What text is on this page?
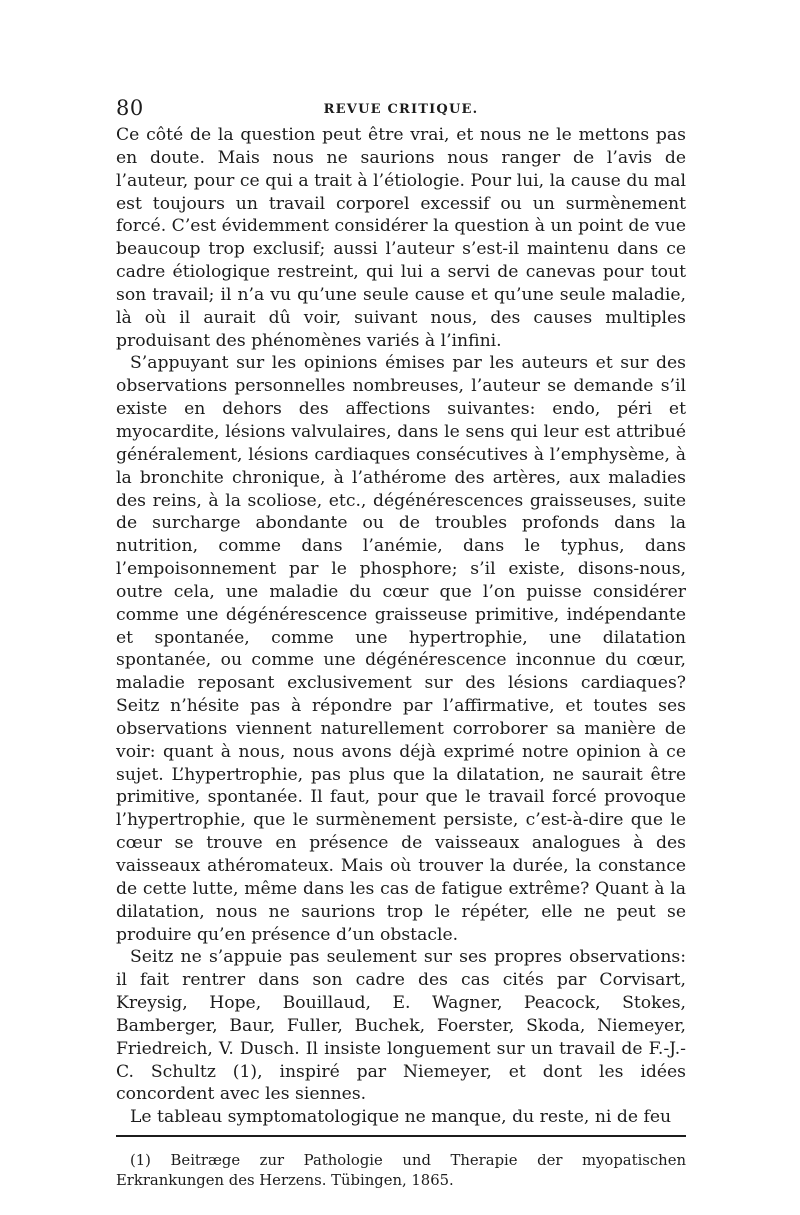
80	REVUE CRITIQUE.

Ce côté de la question peut être vrai, et nous ne le mettons pas en doute. Mais nous ne saurions nous ranger de l’avis de l’auteur, pour ce qui a trait à l’étiologie. Pour lui, la cause du mal est toujours un travail corporel excessif ou un surmènement forcé. C’est évidemment considérer la question à un point de vue beaucoup trop exclusif; aussi l’auteur s’est-il maintenu dans ce cadre étiologique restreint, qui lui a servi de canevas pour tout son travail; il n’a vu qu’une seule cause et qu’une seule maladie, là où il aurait dû voir, suivant nous, des causes multiples produisant des phénomènes variés à l’infini.

S’appuyant sur les opinions émises par les auteurs et sur des observations personnelles nombreuses, l’auteur se demande s’il existe en dehors des affections suivantes: endo, péri et myocardite, lésions valvulaires, dans le sens qui leur est attribué généralement, lésions cardiaques consécutives à l’emphysème, à la bronchite chronique, à l’athérome des artères, aux maladies des reins, à la scoliose, etc., dégénérescences graisseuses, suite de surcharge abondante ou de troubles profonds dans la nutrition, comme dans l’anémie, dans le typhus, dans l’empoisonnement par le phosphore; s’il existe, disons-nous, outre cela, une maladie du cœur que l’on puisse considérer comme une dégénérescence graisseuse primitive, indépendante et spontanée, comme une hypertrophie, une dilatation spontanée, ou comme une dégénérescence inconnue du cœur, maladie reposant exclusivement sur des lésions cardiaques? Seitz n’hésite pas à répondre par l’affirmative, et toutes ses observations viennent naturellement corroborer sa manière de voir: quant à nous, nous avons déjà exprimé notre opinion à ce sujet. L’hypertrophie, pas plus que la dilatation, ne saurait être primitive, spontanée. Il faut, pour que le travail forcé provoque l’hypertrophie, que le surmènement persiste, c’est-à-dire que le cœur se trouve en présence de vaisseaux analogues à des vaisseaux athéromateux. Mais où trouver la durée, la constance de cette lutte, même dans les cas de fatigue extrême? Quant à la dilatation, nous ne saurions trop le répéter, elle ne peut se produire qu’en présence d’un obstacle.

Seitz ne s’appuie pas seulement sur ses propres observations: il fait rentrer dans son cadre des cas cités par Corvisart, Kreysig, Hope, Bouillaud, E. Wagner, Peacock, Stokes, Bamberger, Baur, Fuller, Buchek, Foerster, Skoda, Niemeyer, Friedreich, V. Dusch. Il insiste longuement sur un travail de F.-J.-C. Schultz (1), inspiré par Niemeyer, et dont les idées concordent avec les siennes.

Le tableau symptomatologique ne manque, du reste, ni de feu

(1) Beitræge zur Pathologie und Therapie der myopatischen Erkrankungen des Herzens. Tübingen, 1865.
